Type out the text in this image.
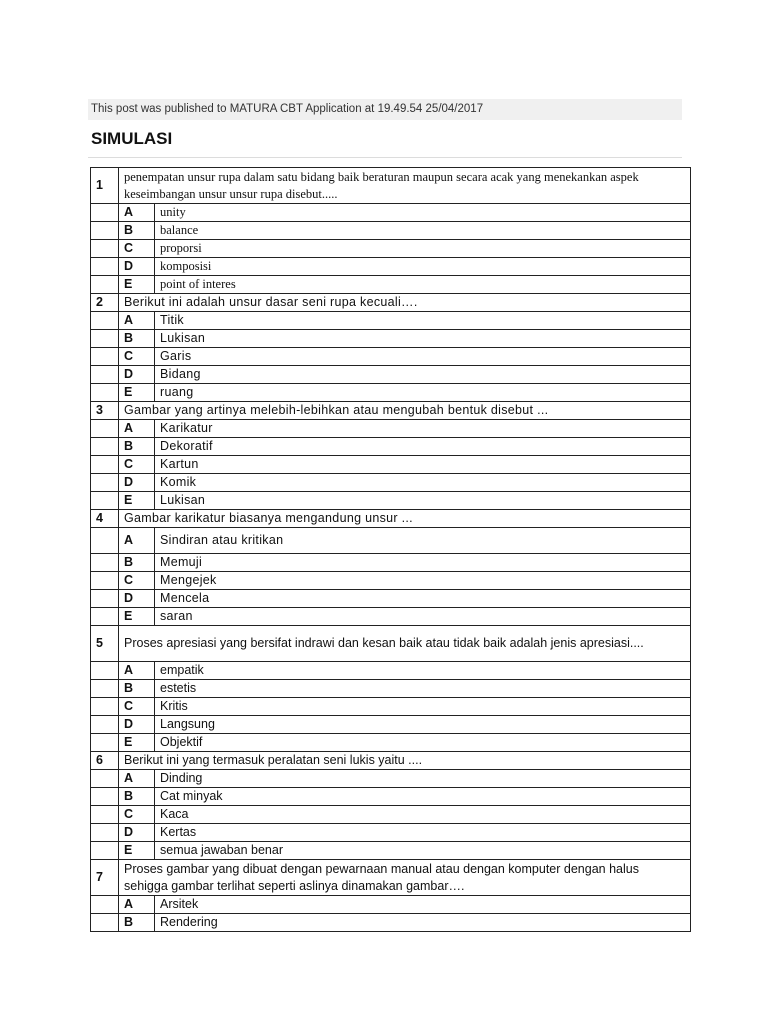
This post was published to MATURA CBT Application at 19.49.54 25/04/2017
SIMULASI
1	penempatan unsur rupa dalam satu bidang baik beraturan maupun secara acak yang menekankan aspek keseimbangan unsur unsur rupa disebut.....	
	A	unity
	B	balance
	C	proporsi
	D	komposisi
	E	point of interes
2	Berikut ini adalah unsur dasar seni rupa kecuali….	
	A	Titik
	B	Lukisan
	C	Garis
	D	Bidang
	E	ruang
3	Gambar yang artinya melebih-lebihkan atau mengubah bentuk disebut ...	
	A	Karikatur
	B	Dekoratif
	C	Kartun
	D	Komik
	E	Lukisan
4	Gambar karikatur biasanya mengandung unsur ...	
	A	Sindiran atau kritikan
	B	Memuji
	C	Mengejek
	D	Mencela
	E	saran
5	Proses apresiasi yang bersifat indrawi dan kesan baik atau tidak baik adalah jenis apresiasi....	
	A	empatik
	B	estetis
	C	Kritis
	D	Langsung
	E	Objektif
6	Berikut ini yang termasuk peralatan seni lukis yaitu ....	
	A	Dinding
	B	Cat minyak
	C	Kaca
	D	Kertas
	E	semua jawaban benar
7	Proses gambar yang dibuat dengan pewarnaan manual atau dengan komputer dengan halus sehigga gambar terlihat seperti aslinya dinamakan gambar….	
	A	Arsitek
	B	Rendering
